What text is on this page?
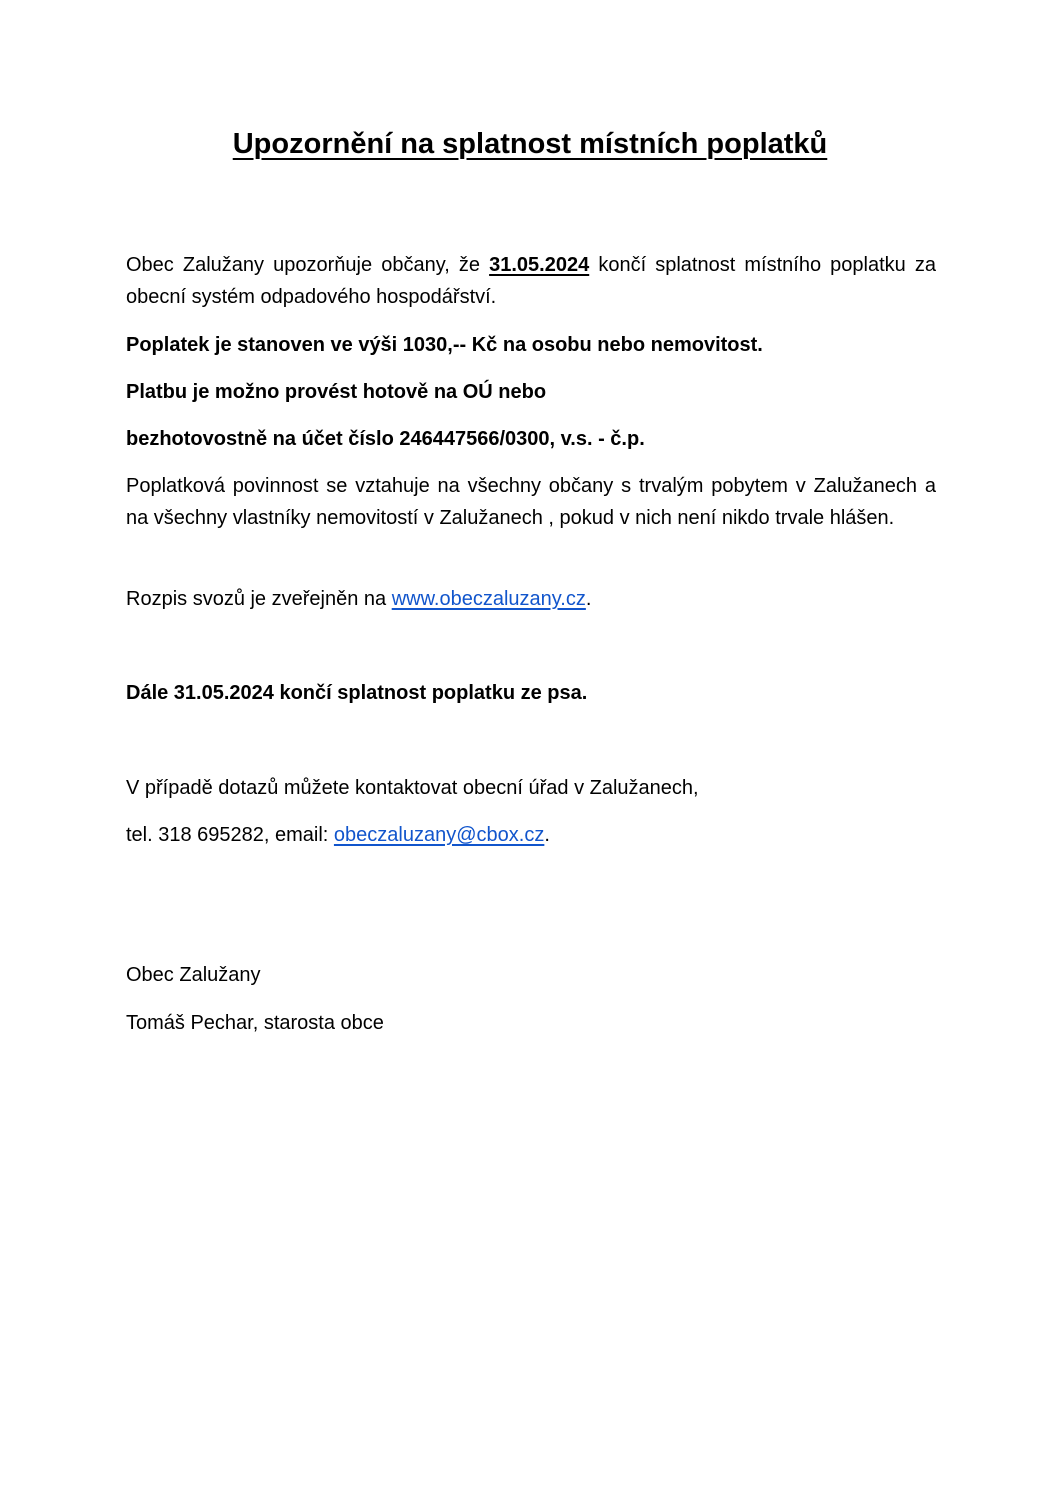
Upozornění na splatnost místních poplatků

Obec Zalužany upozorňuje občany, že 31.05.2024 končí splatnost místního poplatku za obecní systém odpadového hospodářství.

Poplatek je stanoven ve výši 1030,-- Kč na osobu nebo nemovitost.

Platbu je možno provést hotově na OÚ nebo

bezhotovostně na účet číslo 246447566/0300, v.s. - č.p.

Poplatková povinnost se vztahuje na všechny občany s trvalým pobytem v Zalužanech a na všechny vlastníky nemovitostí v Zalužanech , pokud v nich není nikdo trvale hlášen.

Rozpis svozů je zveřejněn na www.obeczaluzany.cz.

Dále 31.05.2024 končí splatnost poplatku ze psa.

V případě dotazů můžete kontaktovat obecní úřad v Zalužanech,

tel. 318 695282, email: obeczaluzany@cbox.cz.

Obec Zalužany

Tomáš Pechar, starosta obce
